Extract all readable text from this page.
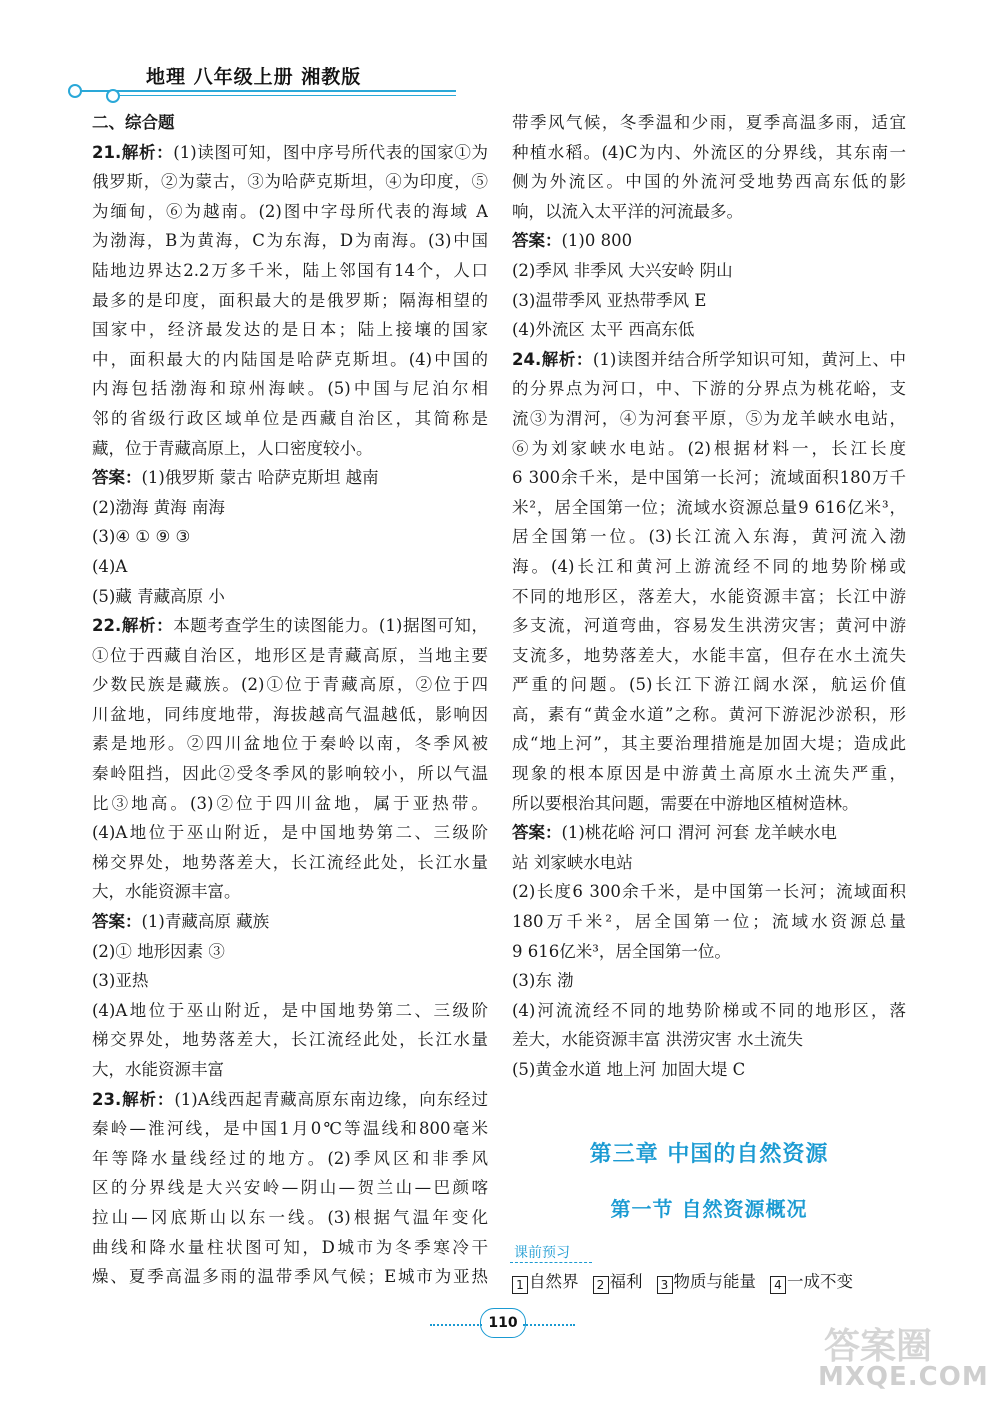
地理 八年级上册 湘教版
二、综合题
21.解析：(1)读图可知，图中序号所代表的国家①为
俄罗斯，②为蒙古，③为哈萨克斯坦，④为印度，⑤
为缅甸，⑥为越南。(2)图中字母所代表的海域 A
为渤海，B为黄海，C为东海，D为南海。(3)中国
陆地边界达2.2万多千米，陆上邻国有14个，人口
最多的是印度，面积最大的是俄罗斯；隔海相望的
国家中，经济最发达的是日本；陆上接壤的国家
中，面积最大的内陆国是哈萨克斯坦。(4)中国的
内海包括渤海和琼州海峡。(5)中国与尼泊尔相
邻的省级行政区域单位是西藏自治区，其简称是
藏，位于青藏高原上，人口密度较小。
答案：(1)俄罗斯 蒙古 哈萨克斯坦 越南
(2)渤海 黄海 南海
(3)④ ① ⑨ ③
(4)A
(5)藏 青藏高原 小
22.解析：本题考查学生的读图能力。(1)据图可知，
①位于西藏自治区，地形区是青藏高原，当地主要
少数民族是藏族。(2)①位于青藏高原，②位于四
川盆地，同纬度地带，海拔越高气温越低，影响因
素是地形。②四川盆地位于秦岭以南，冬季风被
秦岭阻挡，因此②受冬季风的影响较小，所以气温
比③地高。(3)②位于四川盆地，属于亚热带。
(4)A地位于巫山附近，是中国地势第二、三级阶
梯交界处，地势落差大，长江流经此处，长江水量
大，水能资源丰富。
答案：(1)青藏高原 藏族
(2)① 地形因素 ③
(3)亚热
(4)A地位于巫山附近，是中国地势第二、三级阶
梯交界处，地势落差大，长江流经此处，长江水量
大，水能资源丰富
23.解析：(1)A线西起青藏高原东南边缘，向东经过
秦岭—淮河线，是中国1月0℃等温线和800毫米
年等降水量线经过的地方。(2)季风区和非季风
区的分界线是大兴安岭—阴山—贺兰山—巴颜喀
拉山—冈底斯山以东一线。(3)根据气温年变化
曲线和降水量柱状图可知，D城市为冬季寒冷干
燥、夏季高温多雨的温带季风气候；E城市为亚热
带季风气候，冬季温和少雨，夏季高温多雨，适宜
种植水稻。(4)C为内、外流区的分界线，其东南一
侧为外流区。中国的外流河受地势西高东低的影
响，以流入太平洋的河流最多。
答案：(1)0 800
(2)季风 非季风 大兴安岭 阴山
(3)温带季风 亚热带季风 E
(4)外流区 太平 西高东低
24.解析：(1)读图并结合所学知识可知，黄河上、中
的分界点为河口，中、下游的分界点为桃花峪，支
流③为渭河，④为河套平原，⑤为龙羊峡水电站，
⑥为刘家峡水电站。(2)根据材料一，长江长度
6 300余千米，是中国第一长河；流域面积180万千
米²，居全国第一位；流域水资源总量9 616亿米³，
居全国第一位。(3)长江流入东海，黄河流入渤
海。(4)长江和黄河上游流经不同的地势阶梯或
不同的地形区，落差大，水能资源丰富；长江中游
多支流，河道弯曲，容易发生洪涝灾害；黄河中游
支流多，地势落差大，水能丰富，但存在水土流失
严重的问题。(5)长江下游江阔水深，航运价值
高，素有“黄金水道”之称。黄河下游泥沙淤积，形
成“地上河”，其主要治理措施是加固大堤；造成此
现象的根本原因是中游黄土高原水土流失严重，
所以要根治其问题，需要在中游地区植树造林。
答案：(1)桃花峪 河口 渭河 河套 龙羊峡水电
站 刘家峡水电站
(2)长度6 300余千米，是中国第一长河；流域面积
180万千米²，居全国第一位；流域水资源总量
9 616亿米³，居全国第一位。
(3)东 渤
(4)河流流经不同的地势阶梯或不同的地形区，落
差大，水能资源丰富 洪涝灾害 水土流失
(5)黄金水道 地上河 加固大堤 C
第三章 中国的自然资源
第一节 自然资源概况
课前预习
1 自然界 2 福利 3 物质与能量 4 一成不变
110
答案圈
MXQE.COM
